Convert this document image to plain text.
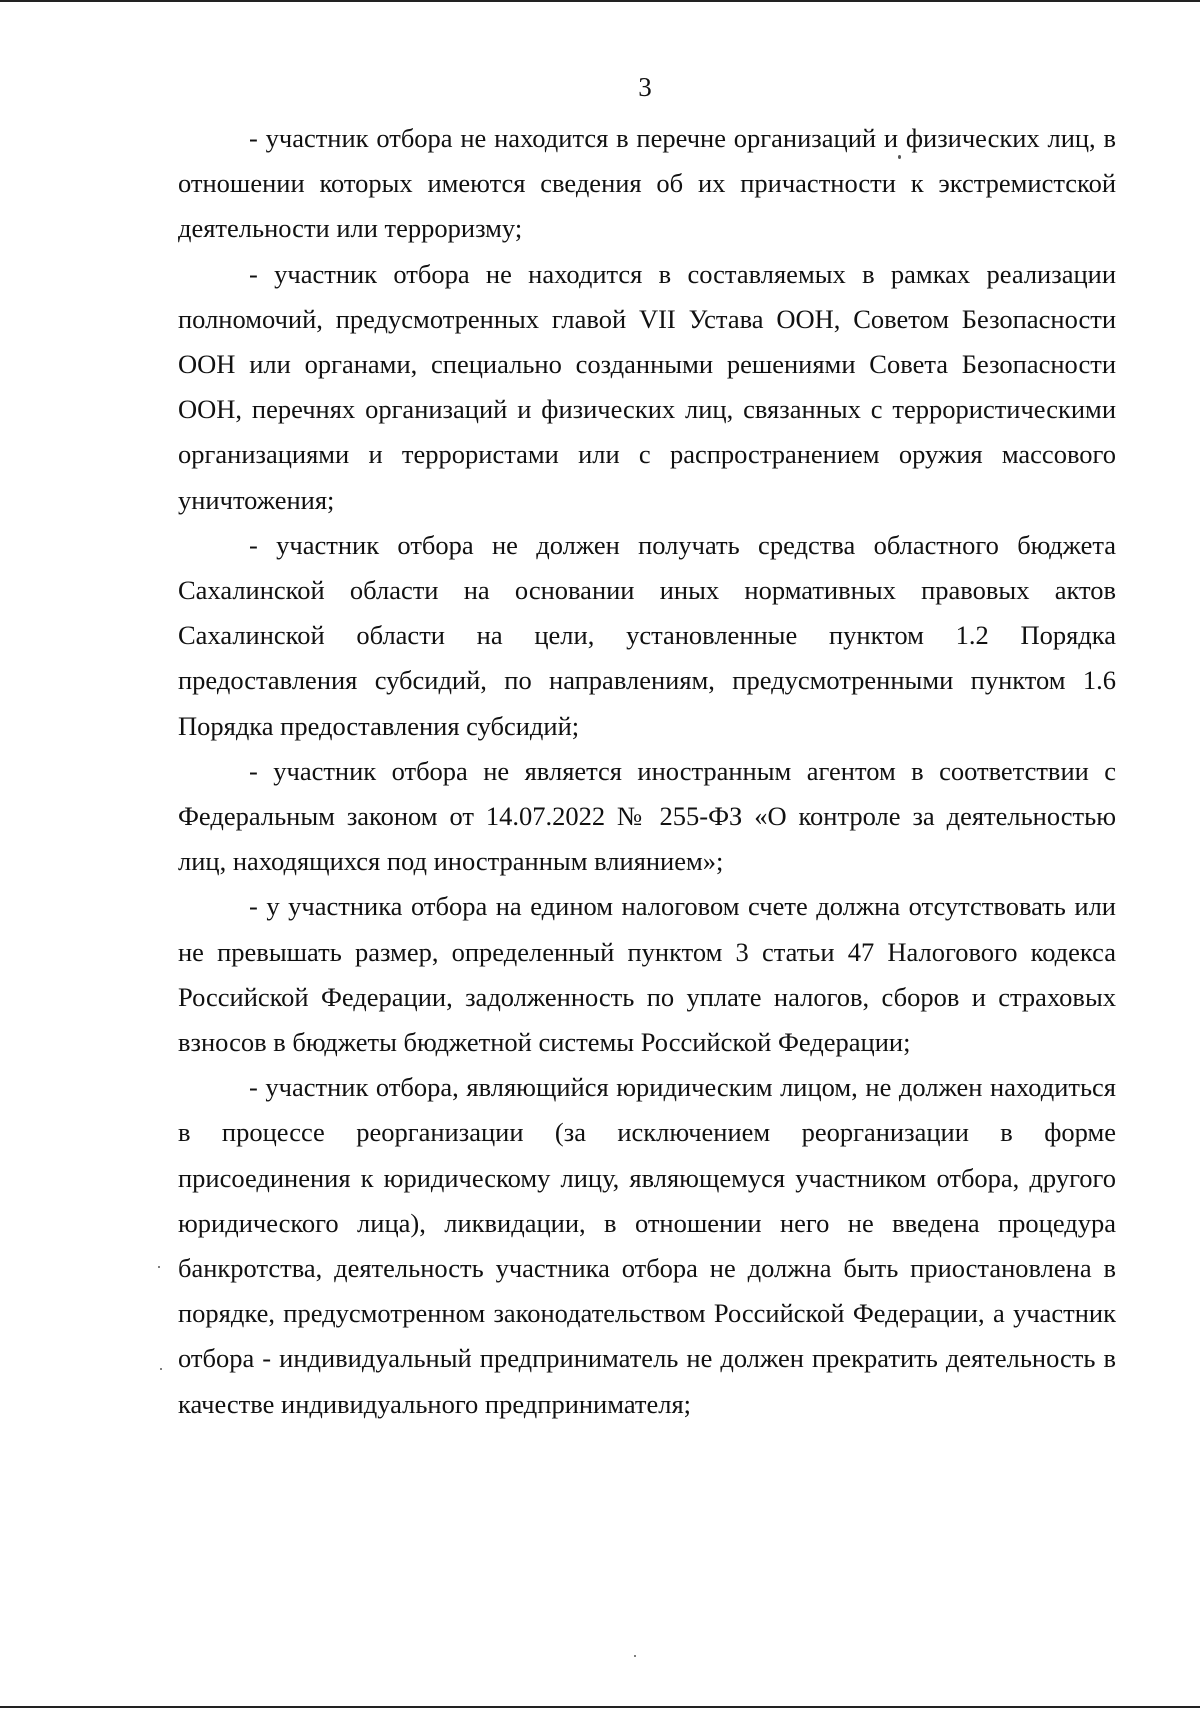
3

- участник отбора не находится в перечне организаций и физических лиц, в отношении которых имеются сведения об их причастности к экстремистской деятельности или терроризму;

- участник отбора не находится в составляемых в рамках реализации полномочий, предусмотренных главой VII Устава ООН, Советом Безопасности ООН или органами, специально созданными решениями Совета Безопасности ООН, перечнях организаций и физических лиц, связанных с террористическими организациями и террористами или с распространением оружия массового уничтожения;

- участник отбора не должен получать средства областного бюджета Сахалинской области на основании иных нормативных правовых актов Сахалинской области на цели, установленные пунктом 1.2 Порядка предоставления субсидий, по направлениям, предусмотренными пунктом 1.6 Порядка предоставления субсидий;

- участник отбора не является иностранным агентом в соответствии с Федеральным законом от 14.07.2022 № 255-ФЗ «О контроле за деятельностью лиц, находящихся под иностранным влиянием»;

- у участника отбора на едином налоговом счете должна отсутствовать или не превышать размер, определенный пунктом 3 статьи 47 Налогового кодекса Российской Федерации, задолженность по уплате налогов, сборов и страховых взносов в бюджеты бюджетной системы Российской Федерации;

- участник отбора, являющийся юридическим лицом, не должен находиться в процессе реорганизации (за исключением реорганизации в форме присоединения к юридическому лицу, являющемуся участником отбора, другого юридического лица), ликвидации, в отношении него не введена процедура банкротства, деятельность участника отбора не должна быть приостановлена в порядке, предусмотренном законодательством Российской Федерации, а участник отбора - индивидуальный предприниматель не должен прекратить деятельность в качестве индивидуального предпринимателя;
